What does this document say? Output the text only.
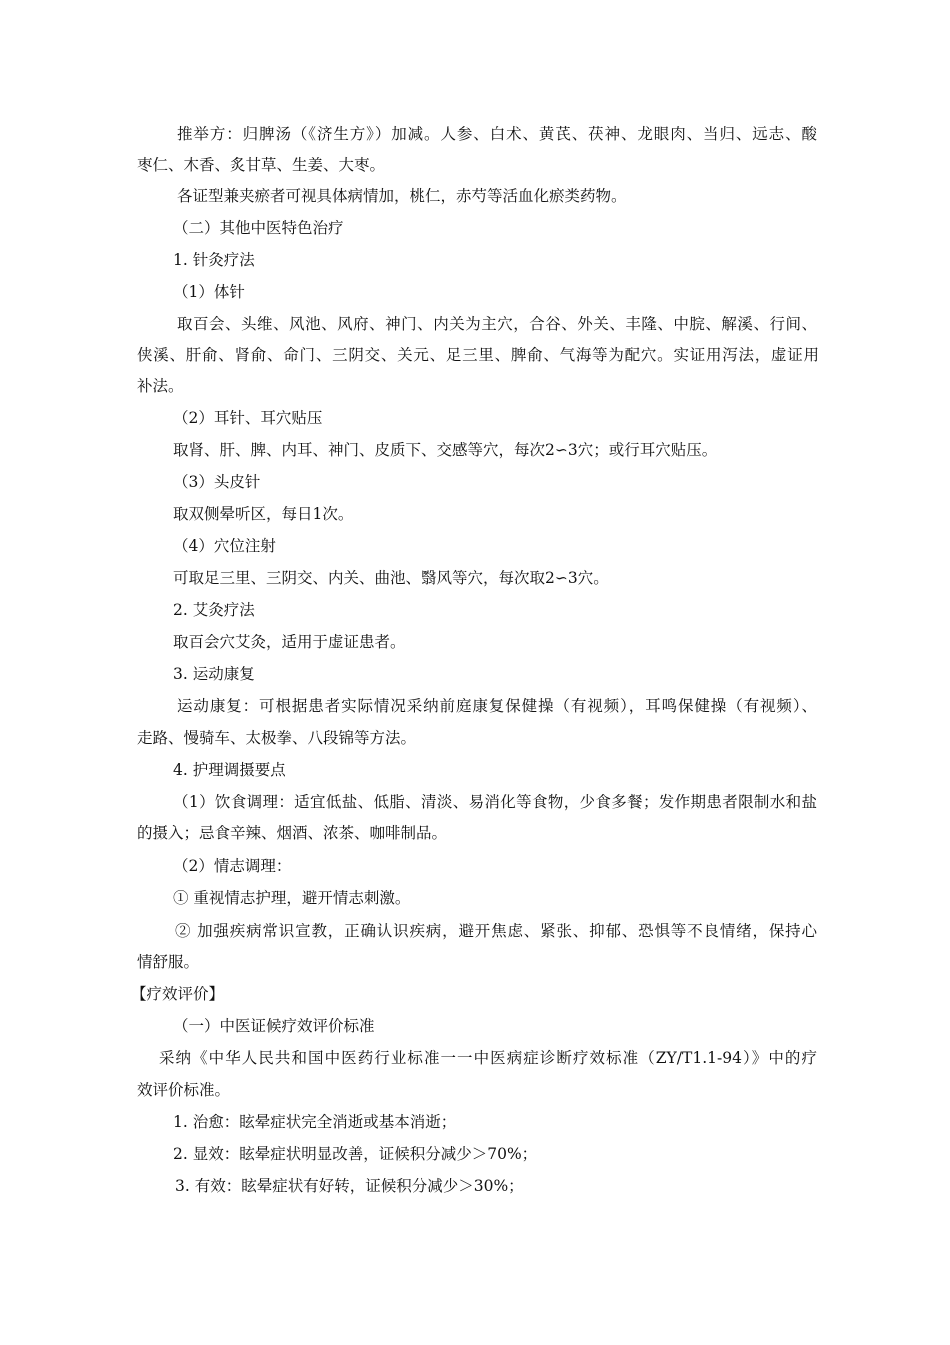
推举方：归脾汤（《济生方》）加减。人参、白术、黄芪、茯神、龙眼肉、当归、远志、酸
枣仁、木香、炙甘草、生姜、大枣。
各证型兼夹瘀者可视具体病情加，桃仁，赤芍等活血化瘀类药物。
（二）其他中医特色治疗
1. 针灸疗法
（1）体针
取百会、头维、风池、风府、神门、内关为主穴，合谷、外关、丰隆、中脘、解溪、行间、
侠溪、肝俞、肾俞、命门、三阴交、关元、足三里、脾俞、气海等为配穴。实证用泻法，虚证用
补法。
（2）耳针、耳穴贴压
取肾、肝、脾、内耳、神门、皮质下、交感等穴，每次2∽3穴；或行耳穴贴压。
（3）头皮针
取双侧晕听区，每日1次。
（4）穴位注射
可取足三里、三阴交、内关、曲池、翳风等穴，每次取2∽3穴。
2. 艾灸疗法
取百会穴艾灸，适用于虚证患者。
3. 运动康复
运动康复：可根据患者实际情况采纳前庭康复保健操（有视频），耳鸣保健操（有视频）、
走路、慢骑车、太极拳、八段锦等方法。
4. 护理调摄要点
（1）饮食调理：适宜低盐、低脂、清淡、易消化等食物，少食多餐；发作期患者限制水和盐
的摄入；忌食辛辣、烟酒、浓茶、咖啡制品。
（2）情志调理：
① 重视情志护理，避开情志刺激。
② 加强疾病常识宣教，正确认识疾病，避开焦虑、紧张、抑郁、恐惧等不良情绪，保持心
情舒服。
【疗效评价】
（一）中医证候疗效评价标准
采纳《中华人民共和国中医药行业标准一一中医病症诊断疗效标准（ZY/T1.1-94）》中的疗
效评价标准。
1. 治愈：眩晕症状完全消逝或基本消逝；
2. 显效：眩晕症状明显改善，证候积分减少＞70%；
3. 有效：眩晕症状有好转，证候积分减少＞30%；
